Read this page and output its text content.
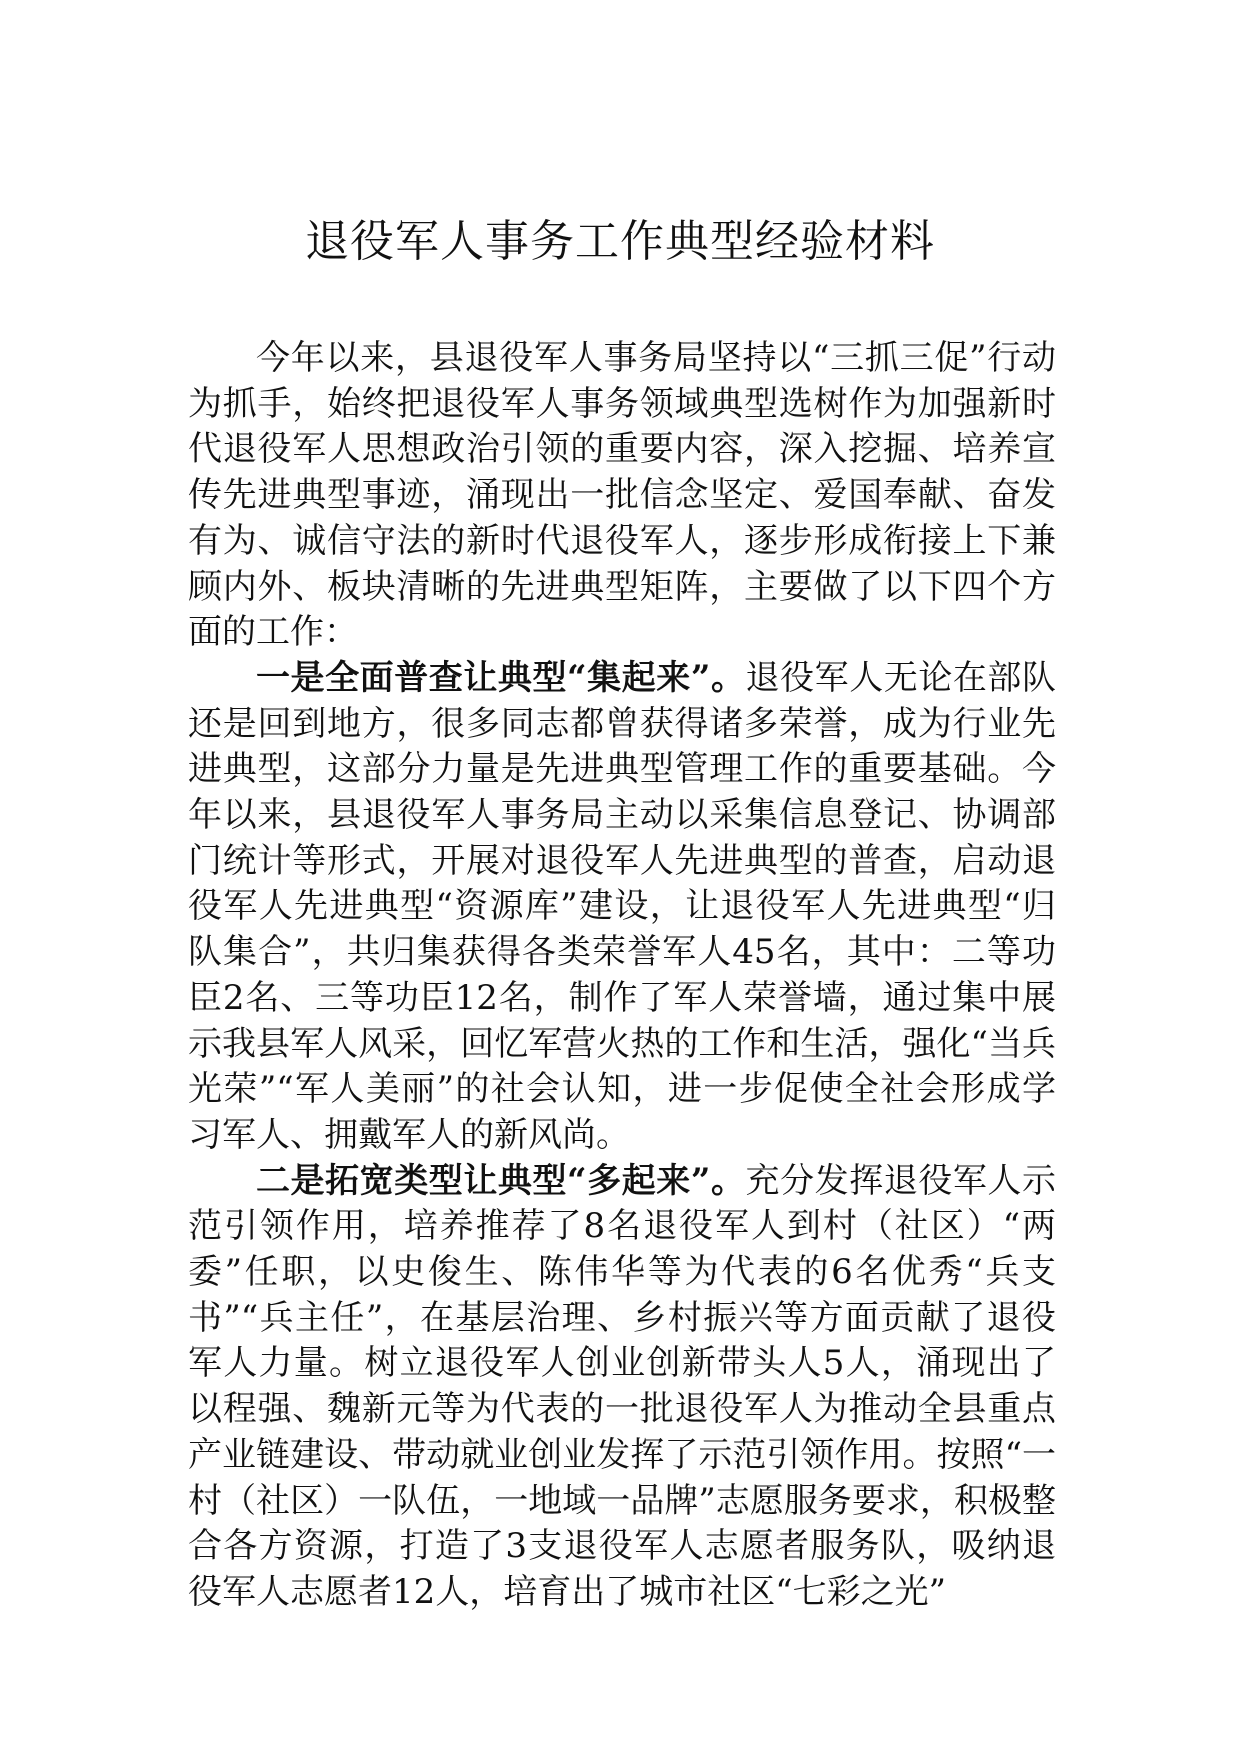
退役军人事务工作典型经验材料

今年以来，县退役军人事务局坚持以“三抓三促”行动为抓手，始终把退役军人事务领域典型选树作为加强新时代退役军人思想政治引领的重要内容，深入挖掘、培养宣传先进典型事迹，涌现出一批信念坚定、爱国奉献、奋发有为、诚信守法的新时代退役军人，逐步形成衔接上下兼顾内外、板块清晰的先进典型矩阵，主要做了以下四个方面的工作：

一是全面普查让典型“集起来”。退役军人无论在部队还是回到地方，很多同志都曾获得诸多荣誉，成为行业先进典型，这部分力量是先进典型管理工作的重要基础。今年以来，县退役军人事务局主动以采集信息登记、协调部门统计等形式，开展对退役军人先进典型的普查，启动退役军人先进典型“资源库”建设，让退役军人先进典型“归队集合”，共归集获得各类荣誉军人45名，其中：二等功臣2名、三等功臣12名，制作了军人荣誉墙，通过集中展示我县军人风采，回忆军营火热的工作和生活，强化“当兵光荣”“军人美丽”的社会认知，进一步促使全社会形成学习军人、拥戴军人的新风尚。

二是拓宽类型让典型“多起来”。充分发挥退役军人示范引领作用，培养推荐了8名退役军人到村（社区）“两委”任职，以史俊生、陈伟华等为代表的6名优秀“兵支书”“兵主任”，在基层治理、乡村振兴等方面贡献了退役军人力量。树立退役军人创业创新带头人5人，涌现出了以程强、魏新元等为代表的一批退役军人为推动全县重点产业链建设、带动就业创业发挥了示范引领作用。按照“一村（社区）一队伍，一地域一品牌”志愿服务要求，积极整合各方资源，打造了3支退役军人志愿者服务队，吸纳退役军人志愿者12人，培育出了城市社区“七彩之光”
